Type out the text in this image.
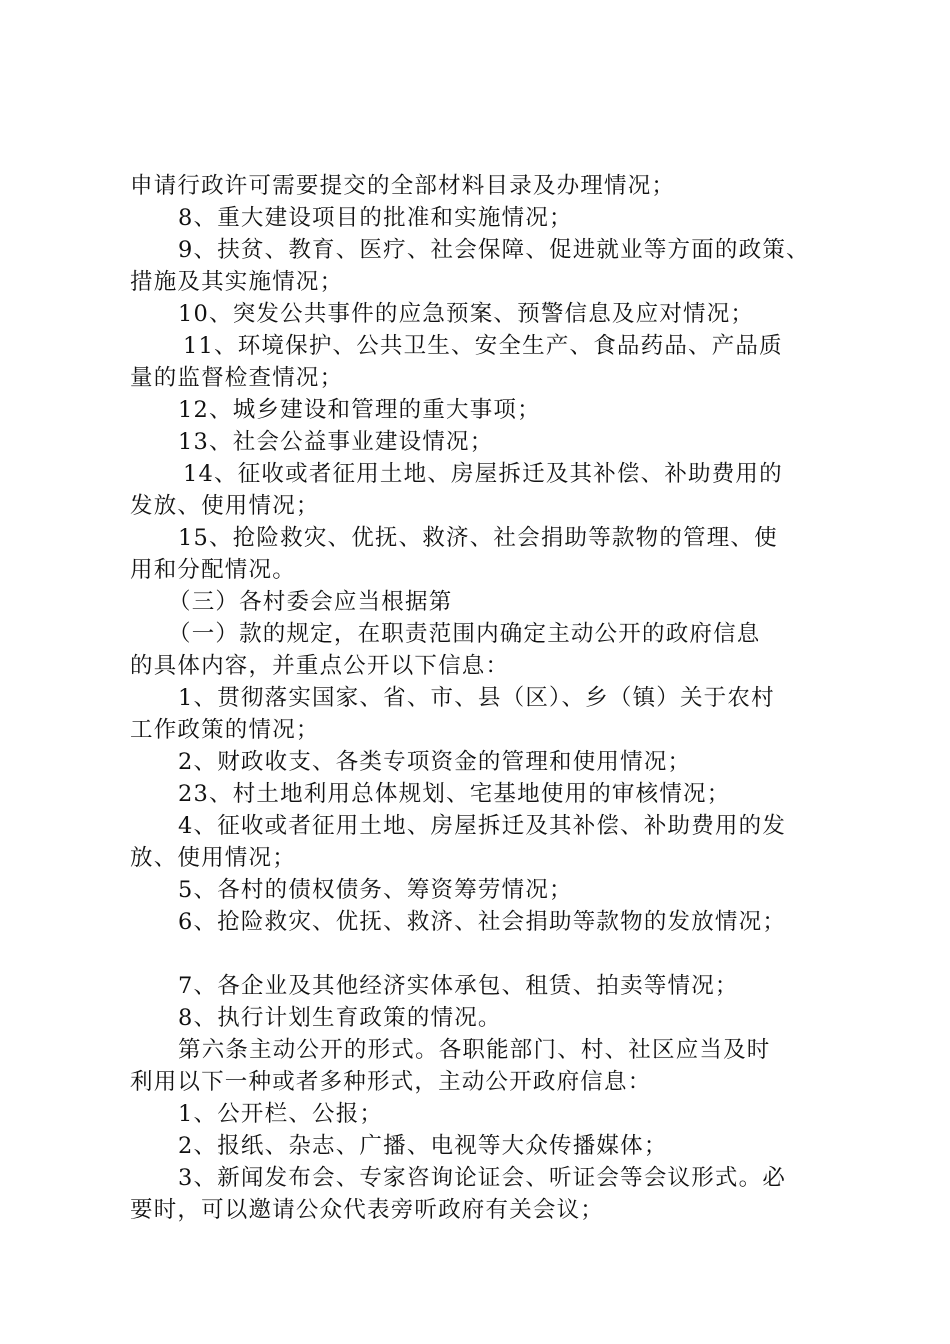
申请行政许可需要提交的全部材料目录及办理情况；
8、重大建设项目的批准和实施情况；
9、扶贫、教育、医疗、社会保障、促进就业等方面的政策、
措施及其实施情况；
10、突发公共事件的应急预案、预警信息及应对情况；
11、环境保护、公共卫生、安全生产、食品药品、产品质
量的监督检查情况；
12、城乡建设和管理的重大事项；
13、社会公益事业建设情况；
14、征收或者征用土地、房屋拆迁及其补偿、补助费用的
发放、使用情况；
15、抢险救灾、优抚、救济、社会捐助等款物的管理、使
用和分配情况。
（三）各村委会应当根据第
（一）款的规定，在职责范围内确定主动公开的政府信息
的具体内容，并重点公开以下信息：
1、贯彻落实国家、省、市、县（区）、乡（镇）关于农村
工作政策的情况；
2、财政收支、各类专项资金的管理和使用情况；
23、村土地利用总体规划、宅基地使用的审核情况；
4、征收或者征用土地、房屋拆迁及其补偿、补助费用的发
放、使用情况；
5、各村的债权债务、筹资筹劳情况；
6、抢险救灾、优抚、救济、社会捐助等款物的发放情况；
7、各企业及其他经济实体承包、租赁、拍卖等情况；
8、执行计划生育政策的情况。
第六条主动公开的形式。各职能部门、村、社区应当及时
利用以下一种或者多种形式，主动公开政府信息：
1、公开栏、公报；
2、报纸、杂志、广播、电视等大众传播媒体；
3、新闻发布会、专家咨询论证会、听证会等会议形式。必
要时，可以邀请公众代表旁听政府有关会议；
